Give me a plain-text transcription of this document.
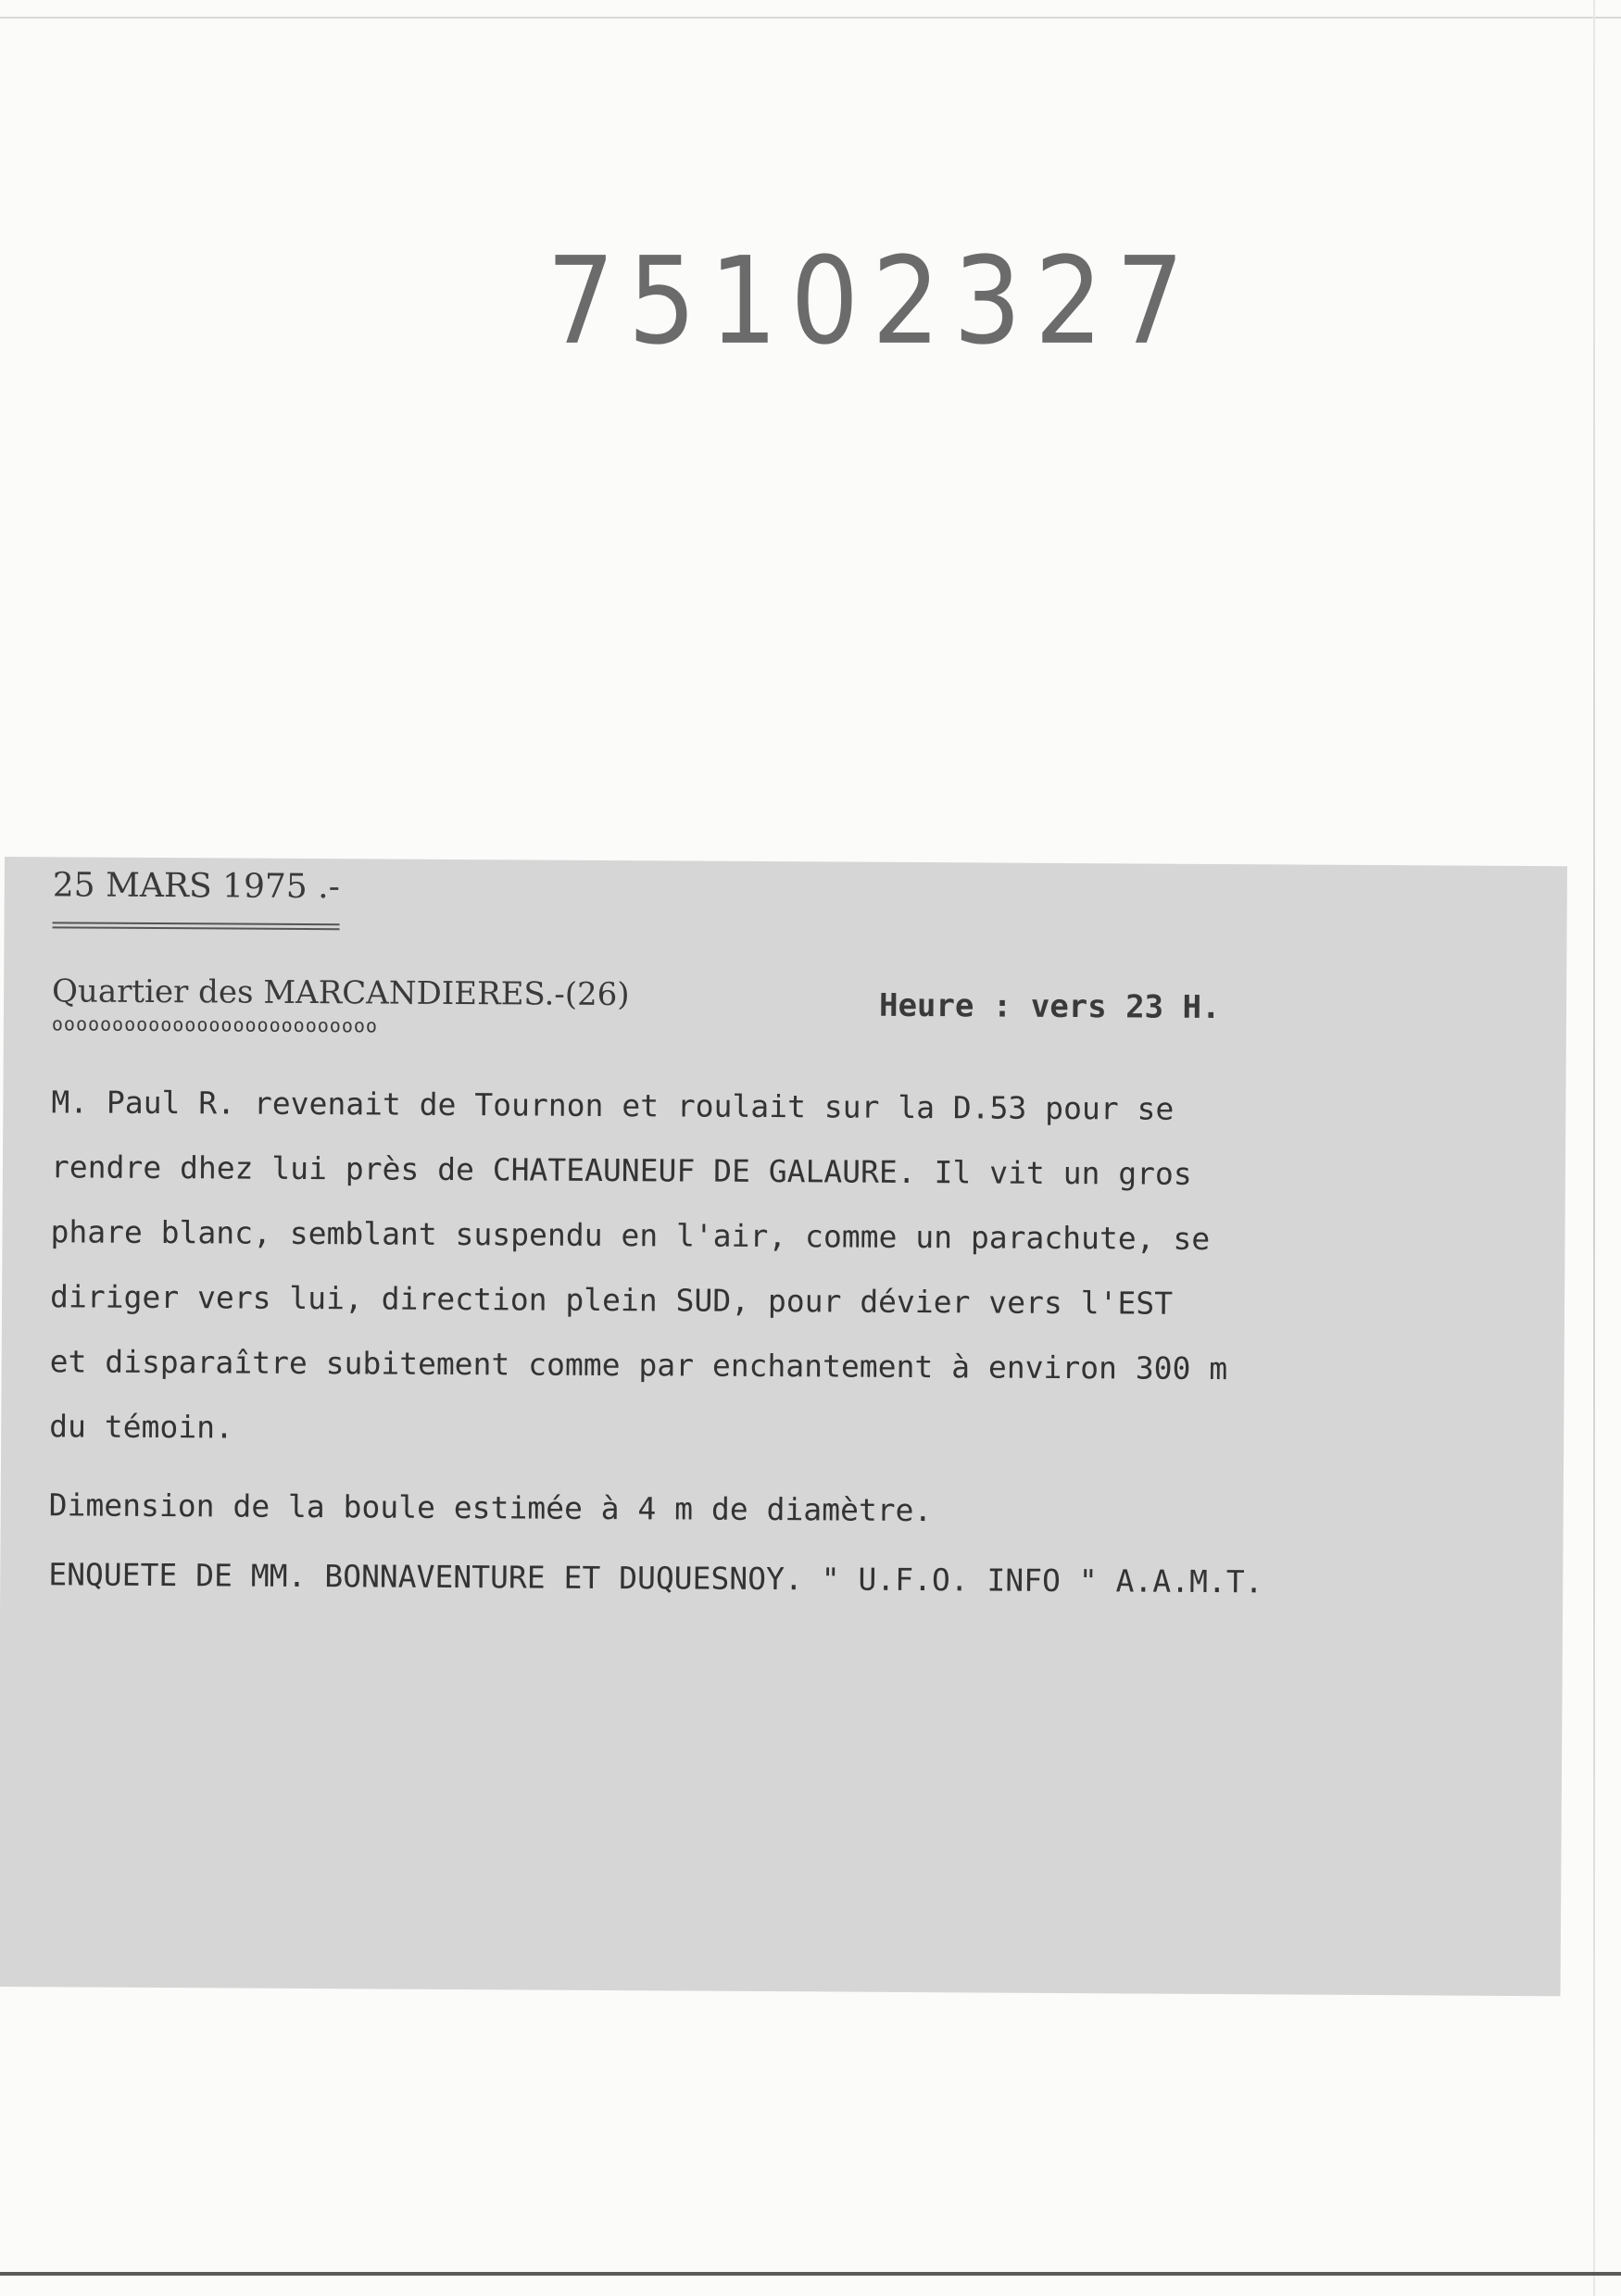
75102327
25 MARS 1975 .-
Quartier des MARCANDIERES.-(26)
ooooooooooooooooooooooooooo	Heure : vers 23 H.
M. Paul R. revenait de Tournon et roulait sur la D.53 pour se
rendre dhez lui près de CHATEAUNEUF DE GALAURE. Il vit un gros
phare blanc, semblant suspendu en l'air, comme un parachute, se
diriger vers lui, direction plein SUD, pour dévier vers l'EST
et disparaître subitement comme par enchantement à environ 300 m
du témoin.
Dimension de la boule estimée à 4 m de diamètre.
ENQUETE DE MM. BONNAVENTURE ET DUQUESNOY. " U.F.O. INFO " A.A.M.T.
